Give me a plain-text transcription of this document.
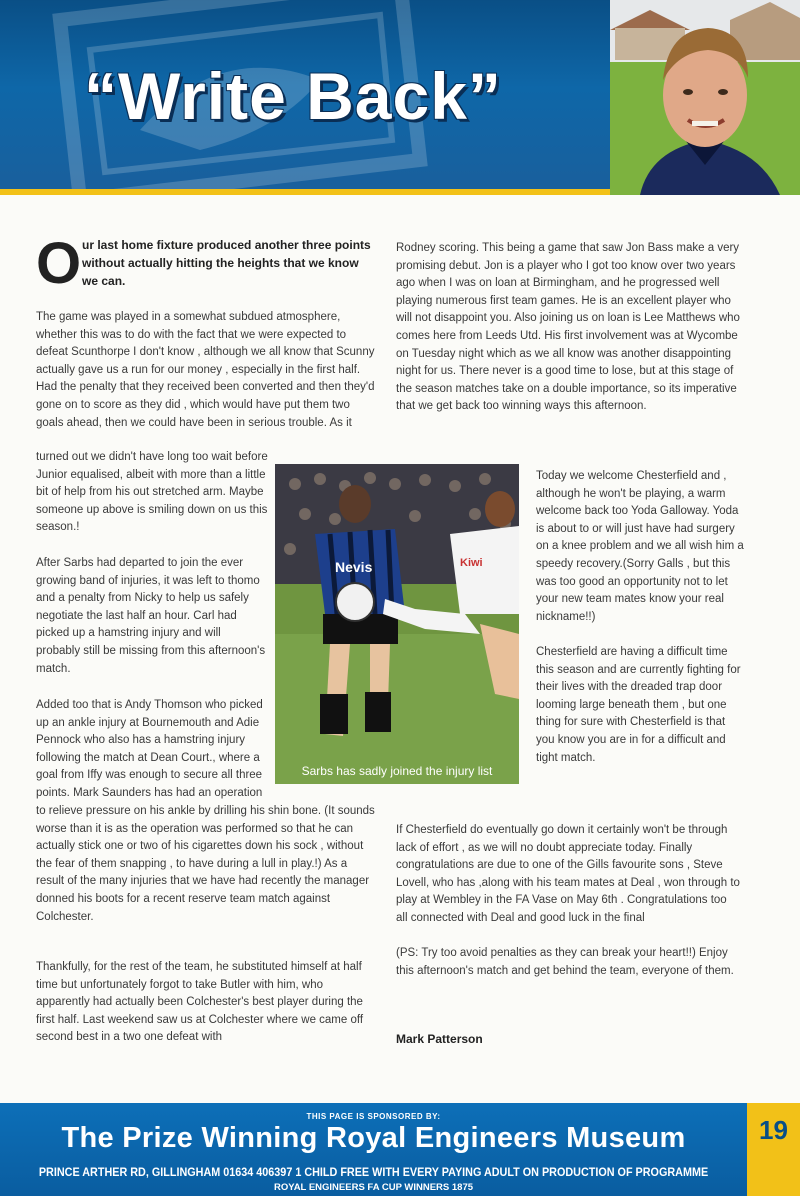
“Write Back”
O ur last home fixture produced another three points without actually hitting the heights that we know we can.

The game was played in a somewhat subdued atmosphere, whether this was to do with the fact that we were expected to defeat Scunthorpe I don't know , although we all know that Scunny actually gave us a run for our money , especially in the first half. Had the penalty that they received been converted and then they'd gone on to score as they did , which would have put them two goals ahead, then we could have been in serious trouble. As it

turned out we didn't have long too wait before Junior equalised, albeit with more than a little bit of help from his out stretched arm. Maybe someone up above is smiling down on us this season.!

After Sarbs had departed to join the ever growing band of injuries, it was left to thomo and a penalty from Nicky to help us safely negotiate the last half an hour. Carl had picked up a hamstring injury and will probably still be missing from this afternoon's match.

Added too that is Andy Thomson who picked up an ankle injury at Bournemouth and Adie Pennock who also has a hamstring injury following the match at Dean Court., where a goal from Iffy was enough to secure all three points. Mark Saunders has had an operation

to relieve pressure on his ankle by drilling his shin bone. (It sounds worse than it is as the operation was performed so that he can actually stick one or two of his cigarettes down his sock , without the fear of them snapping , to have during a lull in play.!) As a result of the many injuries that we have had recently the manager donned his boots for a recent reserve team match against Colchester.

Nevis	Kiwi
Sarbs has sadly joined the injury list

Rodney scoring. This being a game that saw Jon Bass make a very promising debut. Jon is a player who I got too know over two years ago when I was on loan at Birmingham, and he progressed well playing numerous first team games. He is an excellent player who will not disappoint you. Also joining us on loan is Lee Matthews who comes here from Leeds Utd. His first involvement was at Wycombe on Tuesday night which as we all know was another disappointing night for us. There never is a good time to lose, but at this stage of the season matches take on a double importance, so its imperative that we get back too winning ways this afternoon.

Today we welcome Chesterfield and , although he won't be playing, a warm welcome back too Yoda Galloway. Yoda is about to or will just have had surgery on a knee problem and we all wish him a speedy recovery.(Sorry Galls , but this was too good an opportunity not to let your new team mates know your real nickname!!)

Chesterfield are having a difficult time this season and are currently fighting for their lives with the dreaded trap door looming large beneath them , but one thing for sure with Chesterfield is that you know you are in for a difficult and tight match.

If Chesterfield do eventually go down it certainly won't be through lack of effort , as we will no doubt appreciate today. Finally congratulations are due to one of the Gills favourite sons , Steve Lovell, who has ,along with his team mates at Deal , won through to play at Wembley in the FA Vase on May 6th . Congratulations too all connected with Deal and good luck in the final

(PS: Try too avoid penalties as they can break your heart!!) Enjoy this afternoon's match and get behind the team, everyone of them.

Mark Patterson
THIS PAGE IS SPONSORED BY:
The Prize Winning Royal Engineers Museum
PRINCE ARTHER RD, GILLINGHAM 01634 406397 1 CHILD FREE WITH EVERY PAYING ADULT ON PRODUCTION OF PROGRAMME
ROYAL ENGINEERS FA CUP WINNERS 1875
19

Thankfully, for the rest of the team, he substituted himself at half time but unfortunately forgot to take Butler with him, who apparently had actually been Colchester's best player during the first half. Last weekend saw us at Colchester where we came off second best in a two one defeat with
